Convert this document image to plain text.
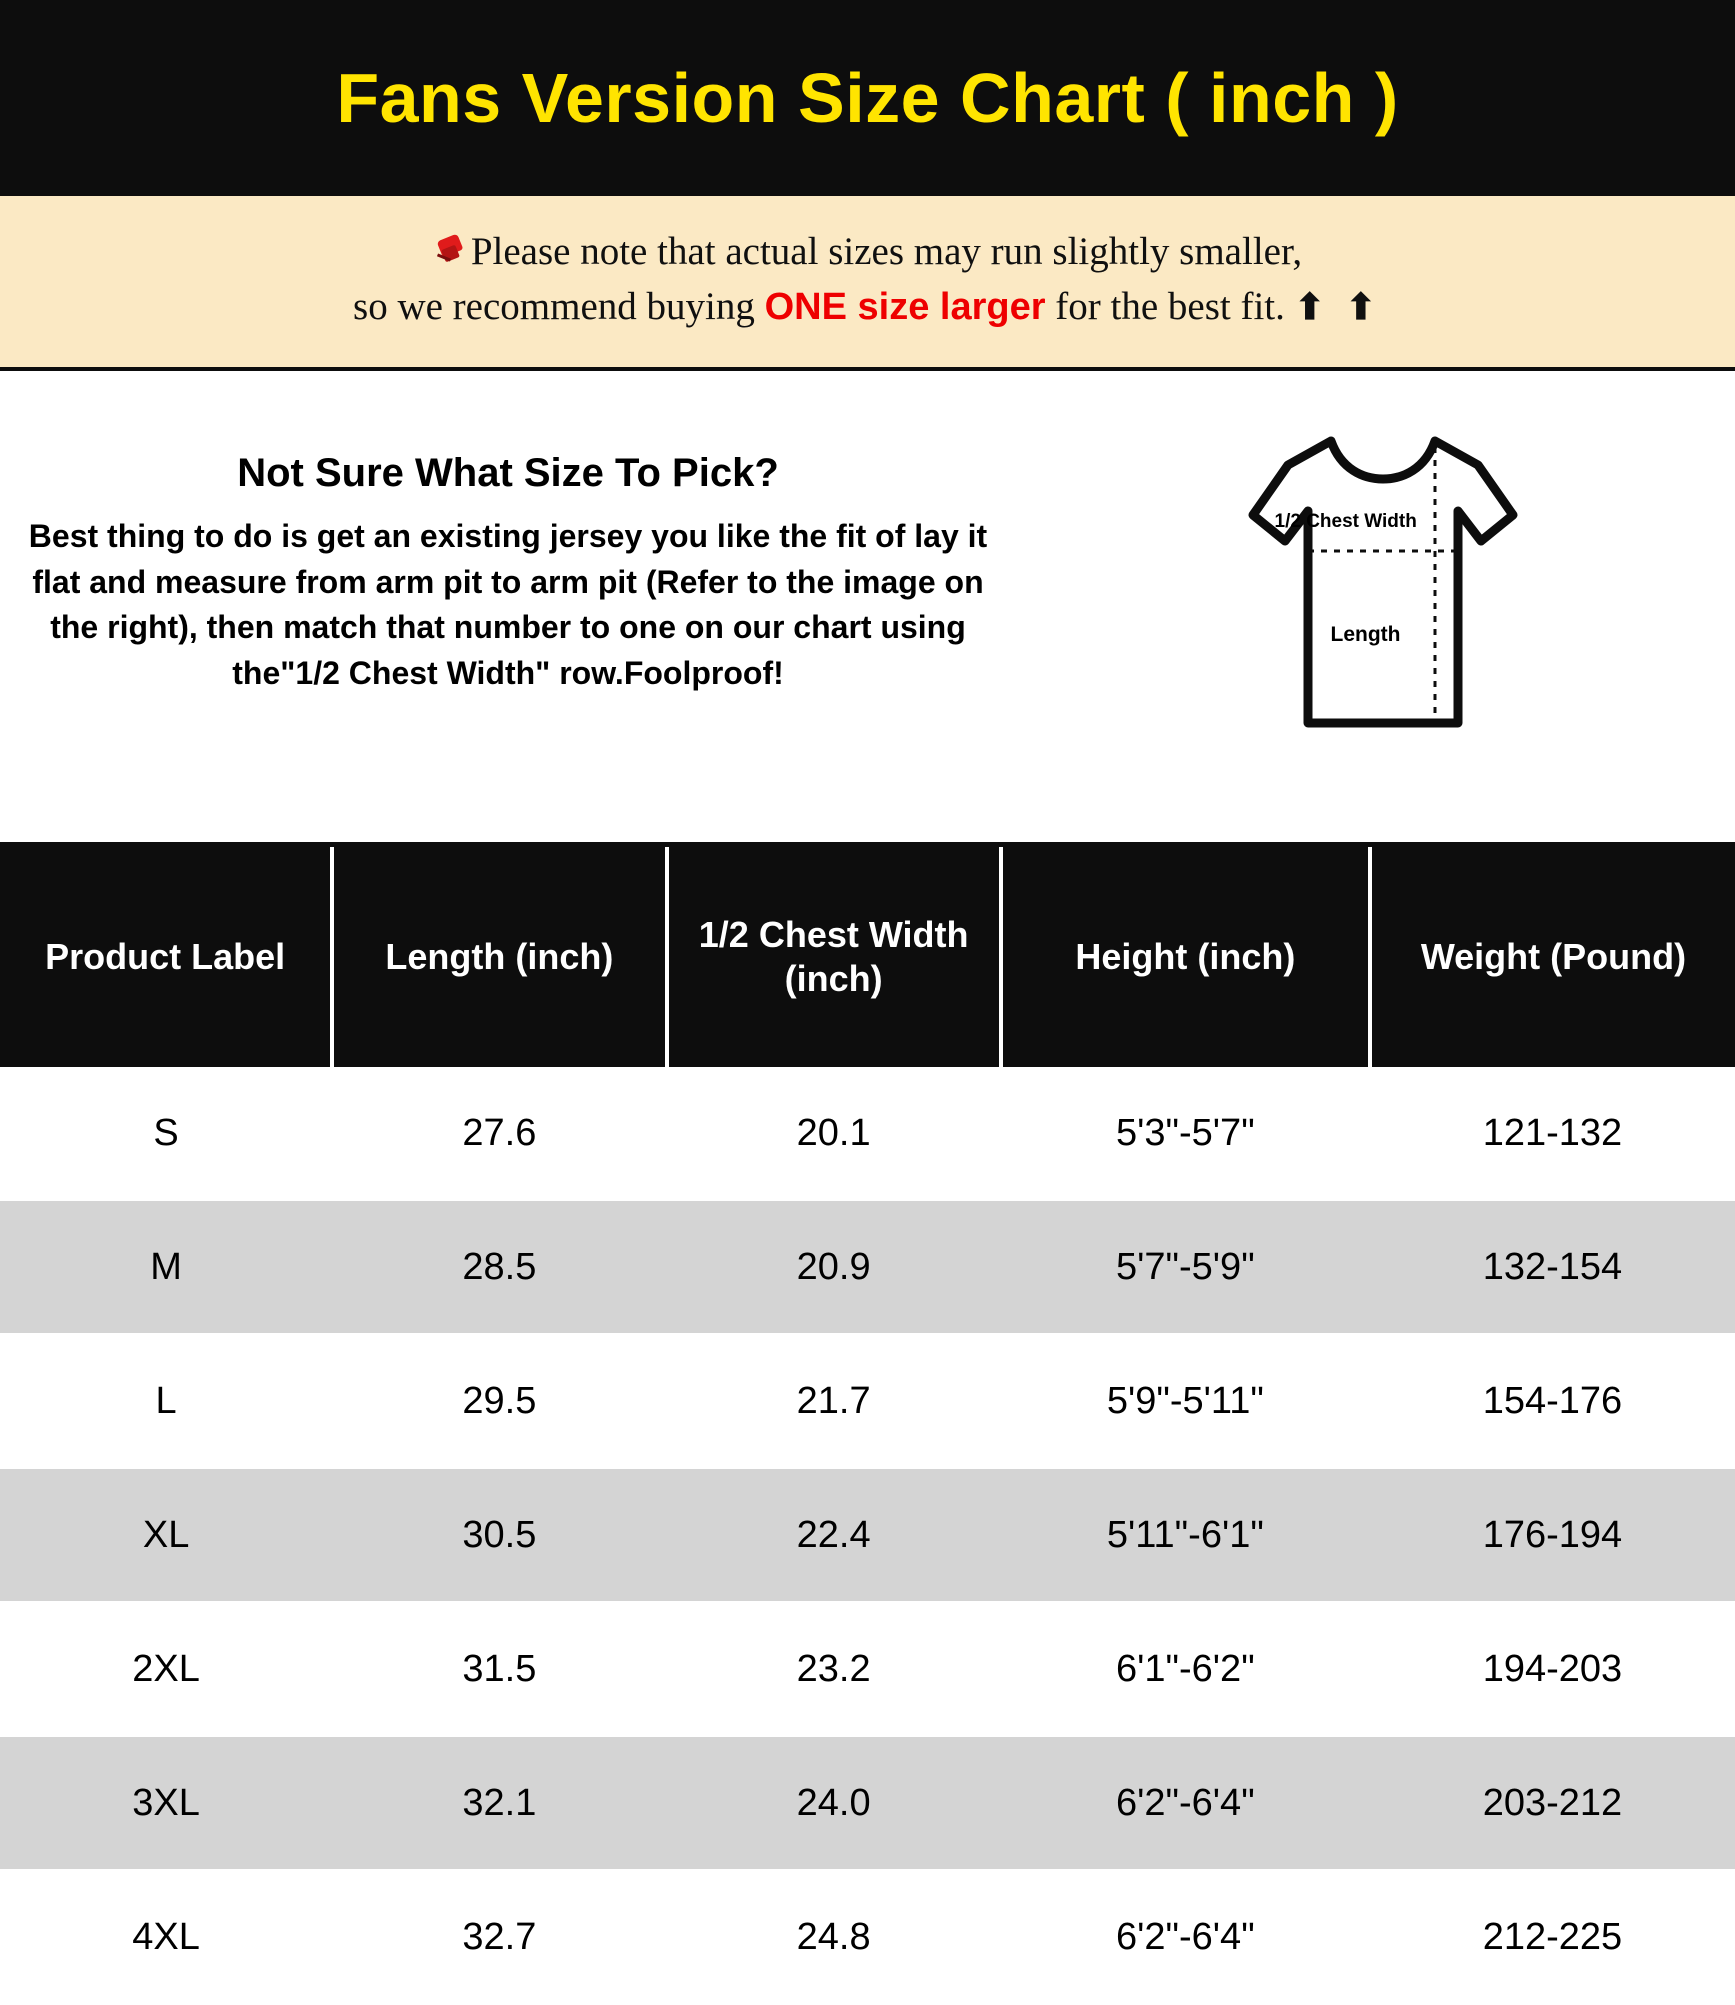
Fans Version Size Chart ( inch )
Please note that actual sizes may run slightly smaller,
so we recommend buying ONE size larger for the best fit. ⬆ ⬆
Not Sure What Size To Pick?

Best thing to do is get an existing jersey you like the fit of lay it flat and measure from arm pit to arm pit (Refer to the image on the right), then match that number to one on our chart using the"1/2 Chest Width" row.Foolproof!

1/2 Chest Width
Length
Product Label	Length (inch)	1/2 Chest Width (inch)	Height (inch)	Weight (Pound)
S	27.6	20.1	5'3"-5'7"	121-132
M	28.5	20.9	5'7"-5'9"	132-154
L	29.5	21.7	5'9"-5'11"	154-176
XL	30.5	22.4	5'11"-6'1"	176-194
2XL	31.5	23.2	6'1"-6'2"	194-203
3XL	32.1	24.0	6'2"-6'4"	203-212
4XL	32.7	24.8	6'2"-6'4"	212-225
